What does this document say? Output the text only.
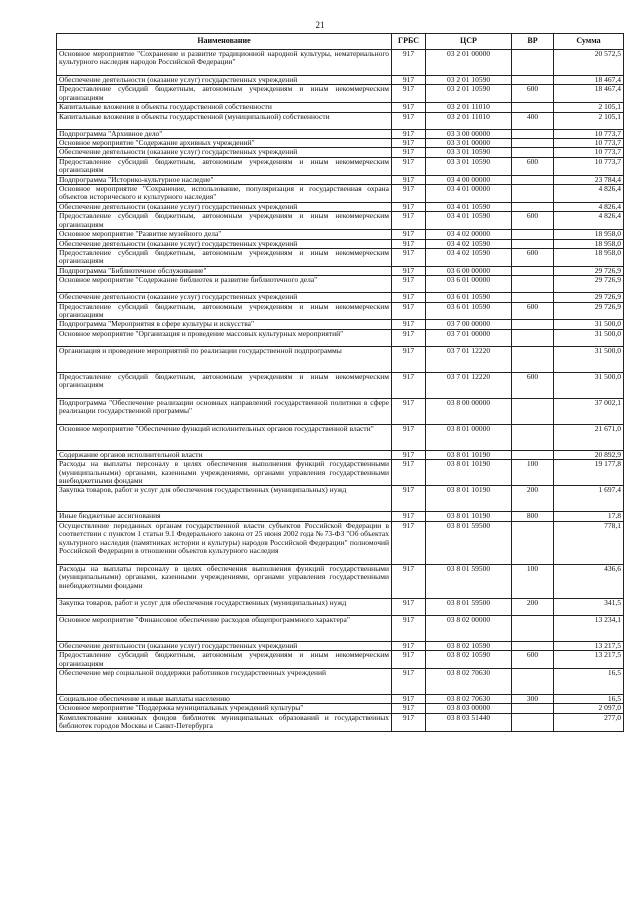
21
Наименование	ГРБС	ЦСР	ВР	Сумма
Основное мероприятие "Сохранение и развитие традиционной народной культуры, нематериального культурного наследия народов Российской Федерации"	917	03 2 01 00000		20 572,5
Обеспечение деятельности (оказание услуг) государственных учреждений	917	03 2 01 10590		18 467,4
Предоставление субсидий бюджетным, автономным учреждениям и иным некоммерческим организациям	917	03 2 01 10590	600	18 467,4
Капитальные вложения в объекты государственной собственности	917	03 2 01 11010		2 105,1
Капитальные вложения в объекты государственной (муниципальной) собственности	917	03 2 01 11010	400	2 105,1
Подпрограмма "Архивное дело"	917	03 3 00 00000		10 773,7
Основное мероприятие "Содержание архивных учреждений"	917	03 3 01 00000		10 773,7
Обеспечение деятельности (оказание услуг) государственных учреждений	917	03 3 01 10590		10 773,7
Предоставление субсидий бюджетным, автономным учреждениям и иным некоммерческим организациям	917	03 3 01 10590	600	10 773,7
Подпрограмма "Историко-культурное наследие"	917	03 4 00 00000		23 784,4
Основное мероприятие "Сохранение, использование, популяризация и государственная охрана объектов исторического и культурного наследия"	917	03 4 01 00000		4 826,4
Обеспечение деятельности (оказание услуг) государственных учреждений	917	03 4 01 10590		4 826,4
Предоставление субсидий бюджетным, автономным учреждениям и иным некоммерческим организациям	917	03 4 01 10590	600	4 826,4
Основное мероприятие "Развитие музейного дела"	917	03 4 02 00000		18 958,0
Обеспечение деятельности (оказание услуг) государственных учреждений	917	03 4 02 10590		18 958,0
Предоставление субсидий бюджетным, автономным учреждениям и иным некоммерческим организациям	917	03 4 02 10590	600	18 958,0
Подпрограмма "Библиотечное обслуживание"	917	03 6 00 00000		29 726,9
Основное мероприятие "Содержание библиотек и развитие библиотечного дела"	917	03 6 01 00000		29 726,9
Обеспечение деятельности (оказание услуг) государственных учреждений	917	03 6 01 10590		29 726,9
Предоставление субсидий бюджетным, автономным учреждениям и иным некоммерческим организациям	917	03 6 01 10590	600	29 726,9
Подпрограмма "Мероприятия в сфере культуры и искусства"	917	03 7 00 00000		31 500,0
Основное мероприятие "Организация и проведение массовых культурных мероприятий"	917	03 7 01 00000		31 500,0
Организация и проведение мероприятий по реализации государственной подпрограммы	917	03 7 01 12220		31 500,0
Предоставление субсидий бюджетным, автономным учреждениям и иным некоммерческим организациям	917	03 7 01 12220	600	31 500,0
Подпрограмма "Обеспечение реализации основных направлений государственной политики в сфере реализации государственной программы"	917	03 8 00 00000		37 002,1
Основное мероприятие "Обеспечение функций исполнительных органов государственной власти"	917	03 8 01 00000		21 671,0
Содержание органов исполнительной власти	917	03 8 01 10190		20 892,9
Расходы на выплаты персоналу в целях обеспечения выполнения функций государственными (муниципальными) органами, казенными учреждениями, органами управления государственными внебюджетными фондами	917	03 8 01 10190	100	19 177,8
Закупка товаров, работ и услуг для обеспечения государственных (муниципальных) нужд	917	03 8 01 10190	200	1 697,4
Иные бюджетные ассигнования	917	03 8 01 10190	800	17,8
Осуществление переданных органам государственной власти субъектов Российской Федерации в соответствии с пунктом 1 статьи 9.1 Федерального закона от 25 июня 2002 года № 73-ФЗ "Об объектах культурного наследия (памятниках истории и культуры) народов Российской Федерации" полномочий Российской Федерации в отношении объектов культурного наследия	917	03 8 01 59500		778,1
Расходы на выплаты персоналу в целях обеспечения выполнения функций государственными (муниципальными) органами, казенными учреждениями, органами управления государственными внебюджетными фондами	917	03 8 01 59500	100	436,6
Закупка товаров, работ и услуг для обеспечения государственных (муниципальных) нужд	917	03 8 01 59500	200	341,5
Основное мероприятие "Финансовое обеспечение расходов общепрограммного характера"	917	03 8 02 00000		13 234,1
Обеспечение деятельности (оказание услуг) государственных учреждений	917	03 8 02 10590		13 217,5
Предоставление субсидий бюджетным, автономным учреждениям и иным некоммерческим организациям	917	03 8 02 10590	600	13 217,5
Обеспечение мер социальной поддержки работников государственных учреждений	917	03 8 02 70630		16,5
Социальное обеспечение и иные выплаты населению	917	03 8 02 70630	300	16,5
Основное мероприятие "Поддержка муниципальных учреждений культуры"	917	03 8 03 00000		2 097,0
Комплектование книжных фондов библиотек муниципальных образований и государственных библиотек городов Москвы и Санкт-Петербурга	917	03 8 03 51440		277,0
